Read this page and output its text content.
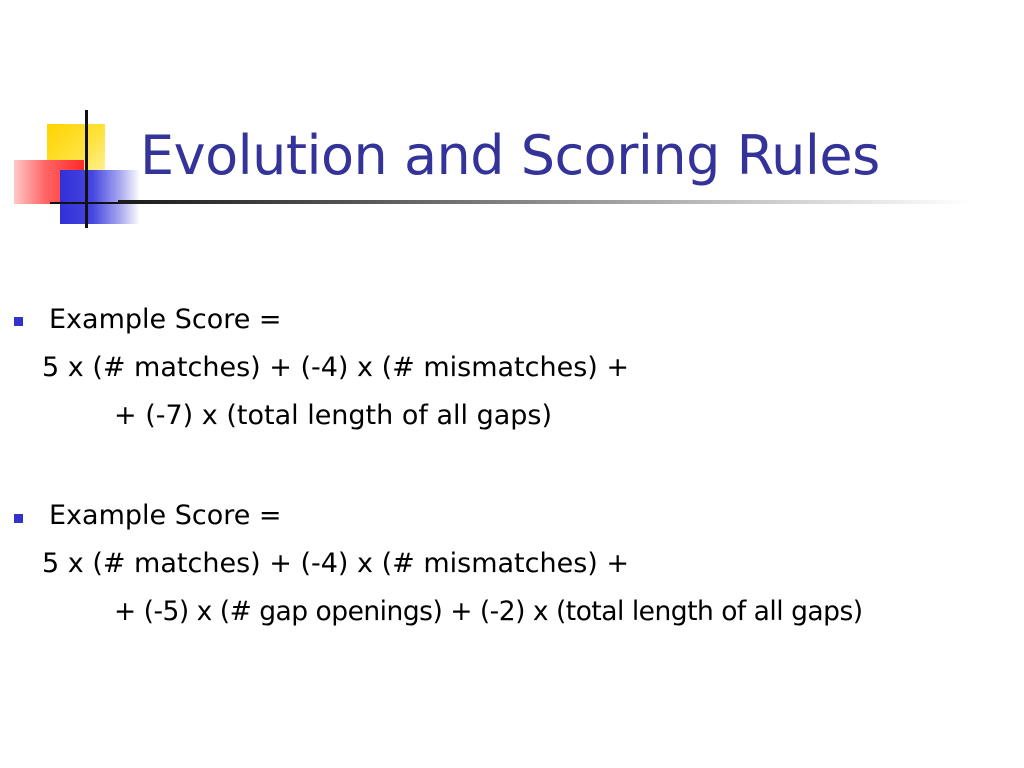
Evolution and Scoring Rules
Example Score =
5 x (# matches) + (-4) x (# mismatches) +
+ (-7) x (total length of all gaps)
Example Score =
5 x (# matches) + (-4) x (# mismatches) +
+ (-5) x (# gap openings) + (-2) x (total length of all gaps)
